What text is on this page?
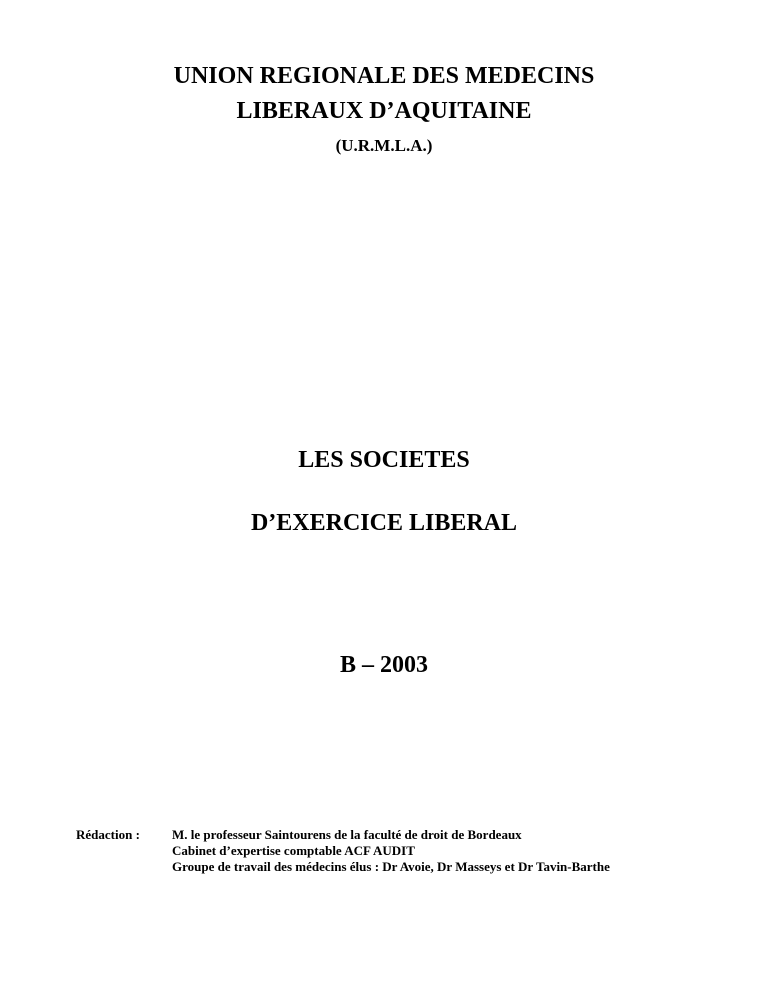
UNION REGIONALE DES MEDECINS
LIBERAUX D’AQUITAINE
(U.R.M.L.A.)
LES SOCIETES
D’EXERCICE LIBERAL
B – 2003
Rédaction : M. le professeur Saintourens de la faculté de droit de Bordeaux
Cabinet d’expertise comptable ACF AUDIT
Groupe de travail des médecins élus : Dr Avoie, Dr Masseys et Dr Tavin-Barthe
